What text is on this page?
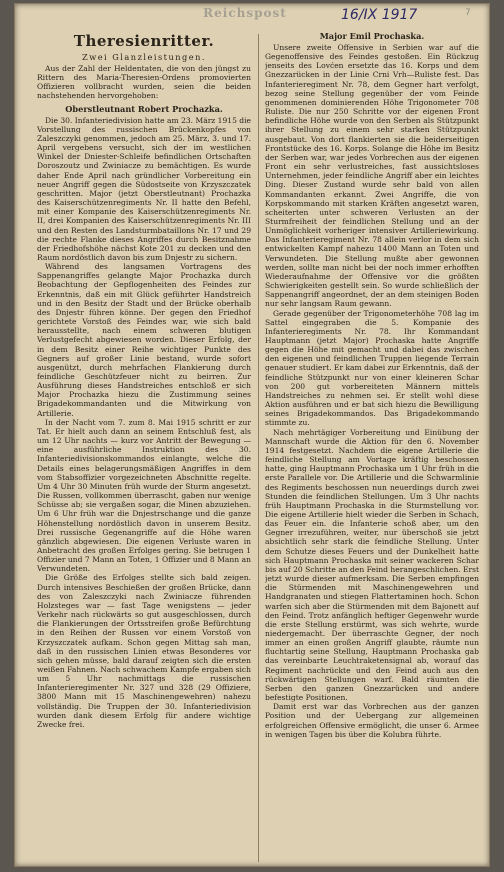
Reichspost	16/IX 1917	7
Theresienritter.
Zwei Glanzleistungen.

Aus der Zahl der Heldentaten, die von den jüngst zu Rittern des Maria-Theresien-Ordens promovierten Offizieren vollbracht wurden, seien die beiden nachstehenden hervorgehoben:

Oberstleutnant Robert Prochazka.

Die 30. Infanteriedivision hatte am 23. März 1915 die Vorstellung des russischen Brückenkopfes von Zaleszczyki genommen, jedoch am 25. März, 3. und 17. April vergebens versucht, sich der im westlichen Winkel der Dniester-Schleife befindlichen Ortschaften Doroszoutz und Zwiniacze zu bemächtigen. Es wurde daher Ende April nach gründlicher Vorbereitung ein neuer Angriff gegen die Südostseite von Krzyszczatek geschritten. Major (jetzt Oberstleutnant) Prochazka des Kaiserschützenregiments Nr. II hatte den Befehl, mit einer Kompanie des Kaiserschützenregiments Nr. II, drei Kompanien des Kaiserschützenregiments Nr. III und den Resten des Landsturmbataillons Nr. 17 und 29 die rechte Flanke dieses Angriffes durch Besitznahme der Friedhofshöhe nächst Kote 201 zu decken und den Raum nordöstlich davon bis zum Dnjestr zu sichern.

Während des langsamen Vortragens des Sappenangriffes gelangte Major Prochazka durch Beobachtung der Gepflogenheiten des Feindes zur Erkenntnis, daß ein mit Glück geführter Handstreich und in den Besitz der Stadt und der Brücke oberhalb des Dnjestr führen könne. Der gegen den Friedhof gerichtete Vorstoß des Feindes war, wie sich bald herausstellte, nach einem schweren blutigen Verlustgefecht abgewiesen worden. Dieser Erfolg, der in dem Besitz einer Reihe wichtiger Punkte des Gegners auf großer Linie bestand, wurde sofort ausgenützt, durch mehrfachen Flankierung durch feindliche Geschützfeuer nicht zu beirren. Zur Ausführung dieses Handstreiches entschloß er sich Major Prochazka hiezu die Zustimmung seines Brigadekommandanten und die Mitwirkung von Artillerie.

In der Nacht vom 7. zum 8. Mai 1915 schritt er zur Tat. Er hielt auch dann an seinem Entschluß fest, als um 12 Uhr nachts — kurz vor Antritt der Bewegung — eine ausführliche Instruktion des 30. Infanteriedivisionskommandos einlangte, welche die Details eines belagerungsmäßigen Angriffes in dem vom Stabsoffizier vorgezeichneten Abschnitte regelte. Um 4 Uhr 30 Minuten früh wurde der Sturm angesetzt. Die Russen, vollkommen überrascht, gaben nur wenige Schüsse ab; sie vergaßen sogar, die Minen abzuziehen. Um 6 Uhr früh war die Dnjestrschange und die ganze Höhenstellung nordöstlich davon in unserem Besitz. Drei russische Gegenangriffe auf die Höhe waren gänzlich abgewiesen. Die eigenen Verluste waren in Anbetracht des großen Erfolges gering. Sie betrugen 1 Offizier und 7 Mann an Toten, 1 Offizier und 8 Mann an Verwundeten.

Die Größe des Erfolges stellte sich bald zeigen. Durch intensives Beschießen der großen Brücke, dann des von Zaleszczyki nach Zwiniacze führenden Holzsteges war — fast Tage wenigstens — jeder Verkehr nach rückwärts so gut ausgeschlossen, durch die Flankierungen der Ortsstreifen große Befürchtung in den Reihen der Russen vor einem Vorstoß von Krzyszczatek aufkam. Schon gegen Mittag sah man, daß in den russischen Linien etwas Besonderes vor sich gehen müsse, bald darauf zeigten sich die ersten weißen Fahnen. Nach schwachem Kampfe ergaben sich um 5 Uhr nachmittags die russischen Infanterieregimenter Nr. 327 und 328 (29 Offiziere, 3800 Mann mit 15 Maschinengewehren) nahezu vollständig. Die Truppen der 30. Infanteriedivision wurden dank diesem Erfolg für andere wichtige Zwecke frei.

Major Emil Prochaska.

Unsere zweite Offensive in Serbien war auf die Gegenoffensive des Feindes gestoßen. Ein Rückzug jenseits des Lovćen ersetzte das 16. Korps und dem Gnezzarücken in der Linie Crni Vrh—Ruliste fest. Das Infanterieregiment Nr. 78, dem Gegner hart verfolgt, bezog seine Stellung gegenüber der vom Feinde genommenen dominierenden Höhe Trigonometer 708 Ruliste. Die nur 250 Schritte vor der eigenen Front befindliche Höhe wurde von den Serben als Stützpunkt ihrer Stellung zu einem sehr starken Stützpunkt ausgebaut. Von dort flankierten sie die beiderseitigen Frontstücke des 16. Korps. Solange die Höhe im Besitz der Serben war, war jedes Vorbrechen aus der eigenen Front ein sehr verlustreiches, fast aussichtsloses Unternehmen, jeder feindliche Angriff aber ein leichtes Ding. Dieser Zustand wurde sehr bald von allen Kommandanten erkannt. Zwei Angriffe, die von Korpskommando mit starken Kräften angesetzt waren, scheiterten unter schweren Verlusten an der Sturmfreiheit der feindlichen Stellung und an der Unmöglichkeit vorheriger intensiver Artilleriewirkung. Das Infanterieregiment Nr. 78 allein verlor in dem sich entwickelten Kampf nahezu 1400 Mann an Toten und Verwundeten. Die Stellung mußte aber gewonnen werden, sollte man nicht bei der noch immer erhofften Wiederaufnahme der Offensive vor die größten Schwierigkeiten gestellt sein. So wurde schließlich der Sappenangriff angeordnet, der an dem steinigen Boden nur sehr langsam Raum gewann.

Gerade gegenüber der Trigonometerhöhe 708 lag im Sattel eingegraben die 5. Kompanie des Infanterieregiments Nr. 78. Ihr Kommandant Hauptmann (jetzt Major) Prochaska hatte Angriffe gegen die Höhe mit gemacht und dabei das zwischen den eigenen und feindlichen Truppen liegende Terrain genauer studiert. Er kam dabei zur Erkenntnis, daß der feindliche Stützpunkt nur von einer kleineren Schar von 200 gut vorbereiteten Männern mittels Handstreiches zu nehmen sei. Er stellt wohl diese Aktion ausführen und er bat sich hiezu die Bewilligung seines Brigadekommandos. Das Brigadekommando stimmte zu.

Nach mehrtägiger Vorbereitung und Einübung der Mannschaft wurde die Aktion für den 6. November 1914 festgesetzt. Nachdem die eigene Artillerie die feindliche Stellung am Vortage kräftig beschossen hatte, ging Hauptmann Prochaska um 1 Uhr früh in die erste Parallele vor. Die Artillerie und die Schwarmlinie des Regiments beschossen nun neuerdings durch zwei Stunden die feindlichen Stellungen. Um 3 Uhr nachts früh Hauptmann Prochaska in die Sturmstellung vor. Die eigene Artillerie hielt wieder die Serben in Schach, das Feuer ein. die Infanterie schoß aber, um den Gegner irrezuführen, weiter, nur überschoß sie jetzt absichtlich sehr stark die feindliche Stellung. Unter dem Schutze dieses Feuers und der Dunkelheit hatte sich Hauptmann Prochaska mit seiner wackeren Schar bis auf 20 Schritte an den Feind herangeschlichen. Erst jetzt wurde dieser aufmerksam. Die Serben empfingen die Stürmenden mit Maschinengewehren und Handgranaten und stiegen Flattertaminen hoch. Schon warfen sich aber die Stürmenden mit dem Bajonett auf den Feind. Trotz anfänglich heftiger Gegenwehr wurde die erste Stellung erstürmt, was sich wehrte, wurde niedergemacht. Der überraschte Gegner, der noch immer an einen großen Angriff glaubte, räumte nun fluchtartig seine Stellung, Hauptmann Prochaska gab das vereinbarte Leuchtraketensignal ab, worauf das Regiment nachrückte und den Feind auch aus den rückwärtigen Stellungen warf. Bald räumten die Serben den ganzen Gnezzarücken und andere befestigte Positionen.

Damit erst war das Vorbrechen aus der ganzen Position und der Uebergang zur allgemeinen erfolgreichen Offensive ermöglicht, die unser 6. Armee in wenigen Tagen bis über die Kolubra führte.
